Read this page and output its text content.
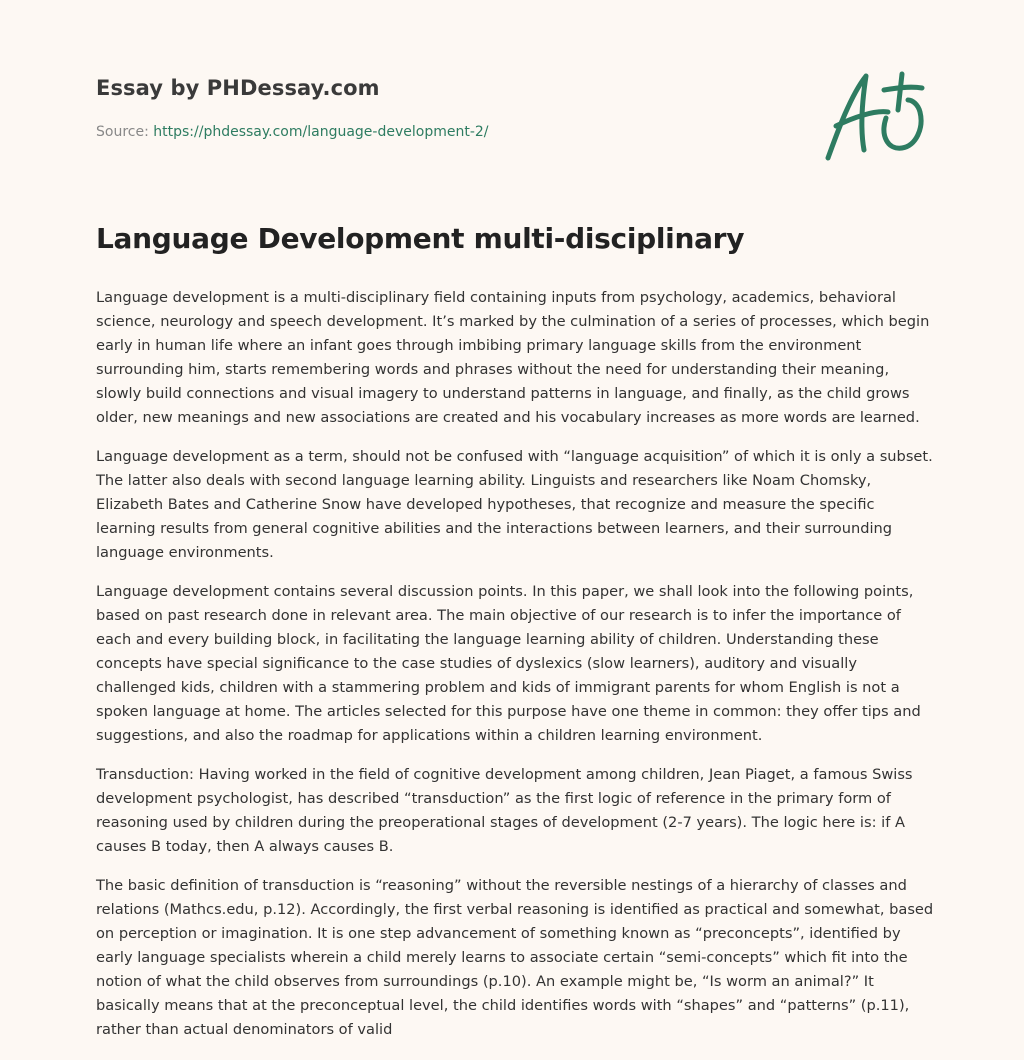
Essay by PHDessay.com
Source: https://phdessay.com/language-development-2/
Language Development multi-disciplinary

Language development is a multi-disciplinary field containing inputs from psychology, academics, behavioral science, neurology and speech development. It’s marked by the culmination of a series of processes, which begin early in human life where an infant goes through imbibing primary language skills from the environment surrounding him, starts remembering words and phrases without the need for understanding their meaning, slowly build connections and visual imagery to understand patterns in language, and finally, as the child grows older, new meanings and new associations are created and his vocabulary increases as more words are learned.

Language development as a term, should not be confused with “language acquisition” of which it is only a subset. The latter also deals with second language learning ability. Linguists and researchers like Noam Chomsky, Elizabeth Bates and Catherine Snow have developed hypotheses, that recognize and measure the specific learning results from general cognitive abilities and the interactions between learners, and their surrounding language environments.

Language development contains several discussion points. In this paper, we shall look into the following points, based on past research done in relevant area. The main objective of our research is to infer the importance of each and every building block, in facilitating the language learning ability of children. Understanding these concepts have special significance to the case studies of dyslexics (slow learners), auditory and visually challenged kids, children with a stammering problem and kids of immigrant parents for whom English is not a spoken language at home. The articles selected for this purpose have one theme in common: they offer tips and suggestions, and also the roadmap for applications within a children learning environment.

Transduction: Having worked in the field of cognitive development among children, Jean Piaget, a famous Swiss development psychologist, has described “transduction” as the first logic of reference in the primary form of reasoning used by children during the preoperational stages of development (2-7 years). The logic here is: if A causes B today, then A always causes B.

The basic definition of transduction is “reasoning” without the reversible nestings of a hierarchy of classes and relations (Mathcs.edu, p.12). Accordingly, the first verbal reasoning is identified as practical and somewhat, based on perception or imagination. It is one step advancement of something known as “preconcepts”, identified by early language specialists wherein a child merely learns to associate certain “semi-concepts” which fit into the notion of what the child observes from surroundings (p.10). An example might be, “Is worm an animal?” It basically means that at the preconceptual level, the child identifies words with “shapes” and “patterns” (p.11), rather than actual denominators of valid
